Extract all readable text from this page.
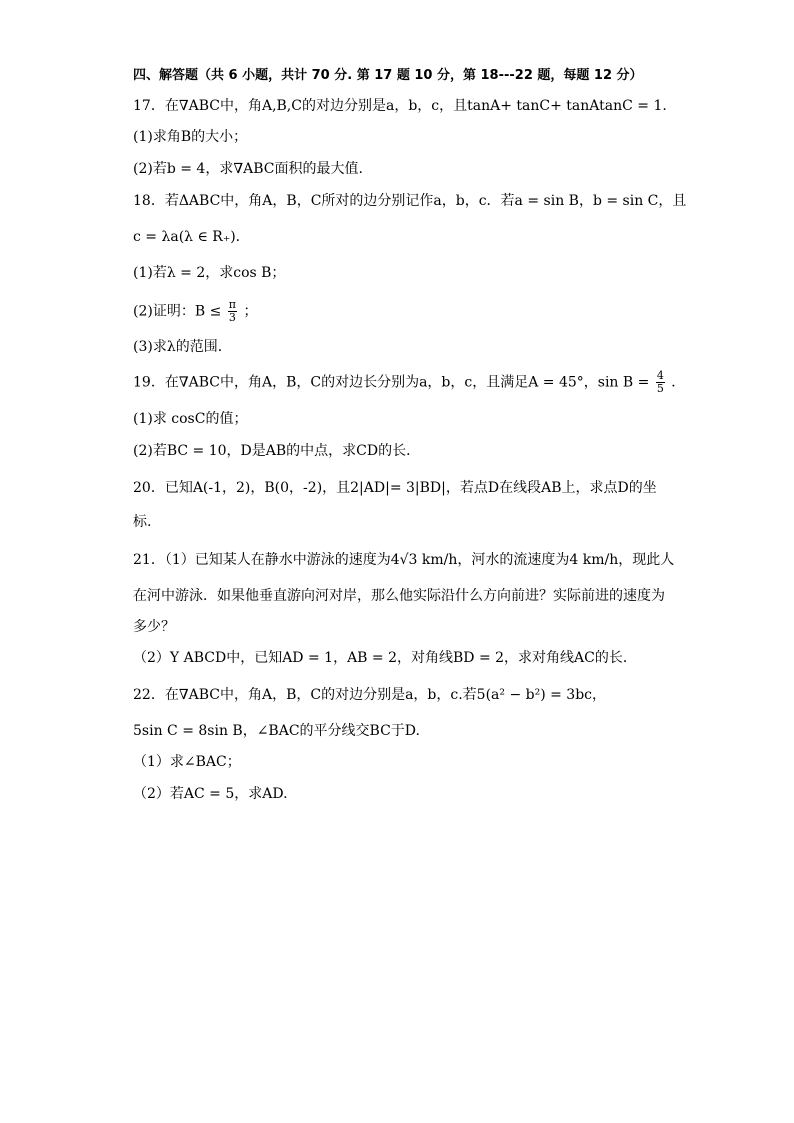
四、解答题（共 6 小题，共计 70 分. 第 17 题 10 分，第 18---22 题，每题 12 分）
17．在∇ABC中，角A,B,C的对边分别是a，b，c，且tanA+ tanC+ tanAtanC = 1.
(1)求角B的大小；
(2)若b = 4，求∇ABC面积的最大值.
18．若ΔABC中，角A，B，C所对的边分别记作a，b，c．若a = sin B，b = sin C，且
c = λa(λ ∈ R₊)．
(1)若λ = 2，求cos B；
(2)证明：$B \le \frac{\pi}{3}$ ；
(3)求λ的范围．
19．在∇ABC中，角A，B，C的对边长分别为a，b，c，且满足A = 45°，$\sin B = \frac{4}{5}$ ．
(1)求 cosC的值；
(2)若BC = 10，D是AB的中点，求CD的长．
20．已知A(-1，2)，B(0，-2)，且2|AD|= 3|BD|，若点D在线段AB上，求点D的坐
标.
21．（1）已知某人在静水中游泳的速度为4√3 km/h，河水的流速度为4 km/h，现此人
在河中游泳．如果他垂直游向河对岸，那么他实际沿什么方向前进？实际前进的速度为
多少？
（2）Y ABCD中，已知AD = 1，AB = 2，对角线BD = 2，求对角线AC的长．
22．在∇ABC中，角A，B，C的对边分别是a，b，c.若5(a² − b²) = 3bc，
5sin C = 8sin B，∠BAC的平分线交BC于D.
（1）求∠BAC；
（2）若AC = 5，求AD.
